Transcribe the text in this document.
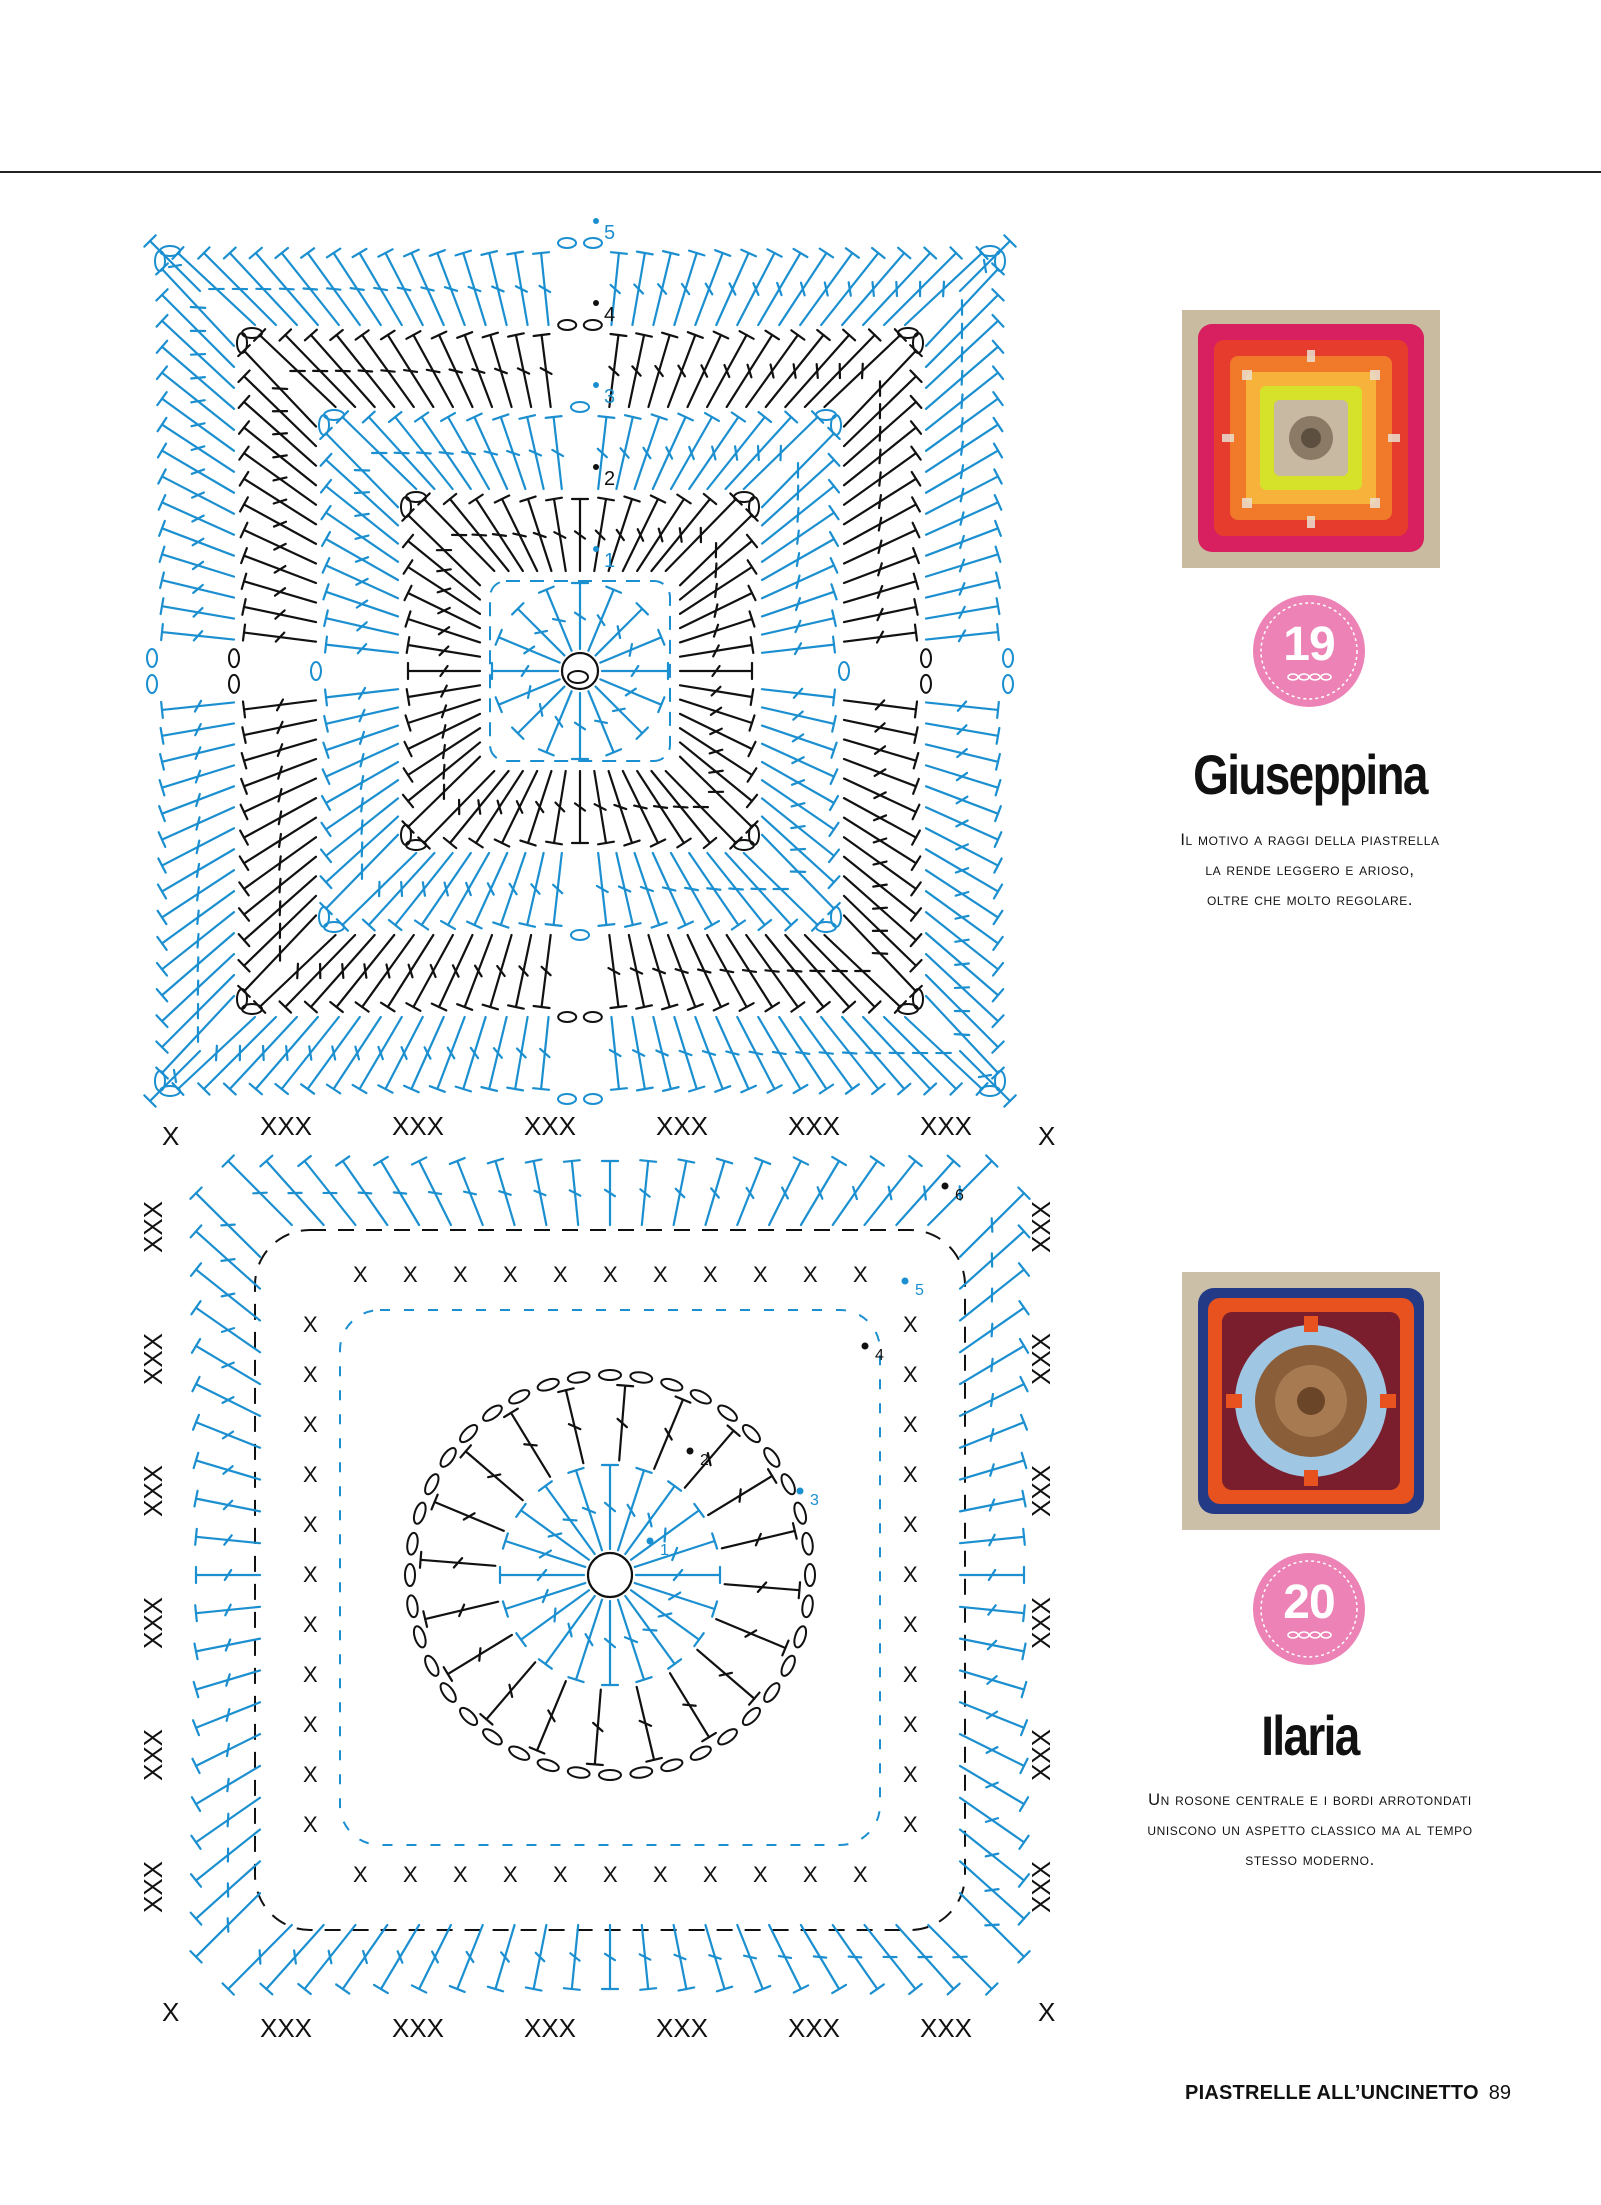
1
2
3
4
5
X
X
X	X
X
X
X	X
X
X
X	X
X
X
X	X
X
X
X	X
X
X
X	X
X
X
X	X
X
X
X	X
X
X
X	X
X
X
X	X
X
X
X	X
XXX
XXX
XXX	XXX
XXX
XXX
XXX	XXX
XXX
XXX
XXX	XXX
XXX
XXX
XXX	XXX
XXX
XXX
XXX	XXX
XXX
XXX
XXX	XXX
X	X
X	X
1
2
3
4
5
6
19
Giuseppina
Il motivo a raggi della piastrella
la rende leggero e arioso,
oltre che molto regolare.
20
Ilaria
Un rosone centrale e i bordi arrotondati
uniscono un aspetto classico ma al tempo
stesso moderno.
PIASTRELLE ALL’UNCINETTO 89
